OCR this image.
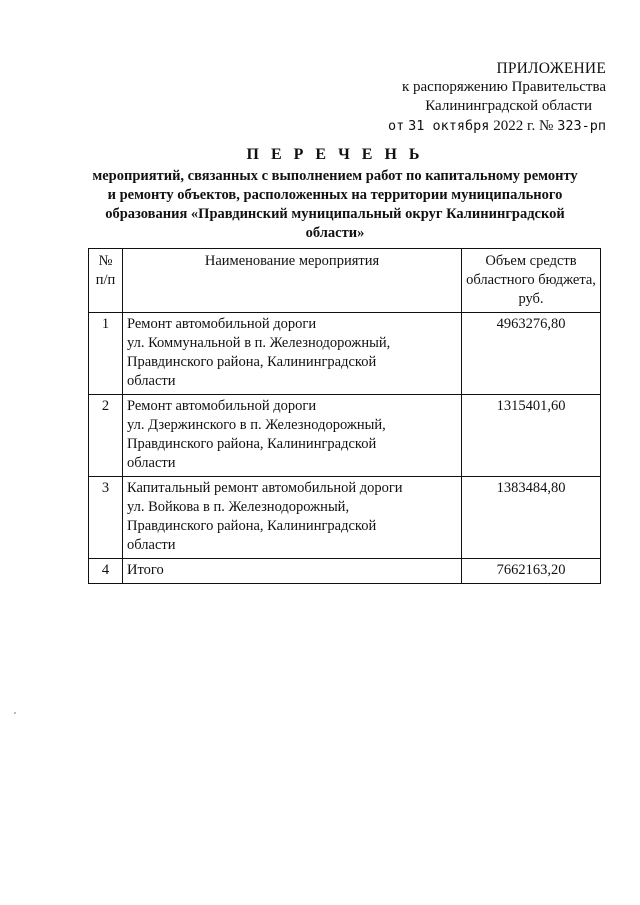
ПРИЛОЖЕНИЕ
к распоряжению Правительства
Калининградской области
от 31 октября 2022 г. № 323-рп
П Е Р Е Ч Е Н Ь
мероприятий, связанных с выполнением работ по капитальному ремонту
и ремонту объектов, расположенных на территории муниципального
образования «Правдинский муниципальный округ Калининградской
области»
№ п/п	Наименование мероприятия	Объем средств областного бюджета, руб.
1	Ремонт автомобильной дороги
ул. Коммунальной в п. Железнодорожный,
Правдинского района, Калининградской
области	4963276,80
2	Ремонт автомобильной дороги
ул. Дзержинского в п. Железнодорожный,
Правдинского района, Калининградской
области	1315401,60
3	Капитальный ремонт автомобильной дороги
ул. Войкова в п. Железнодорожный,
Правдинского района, Калининградской
области	1383484,80
4	Итого	7662163,20
